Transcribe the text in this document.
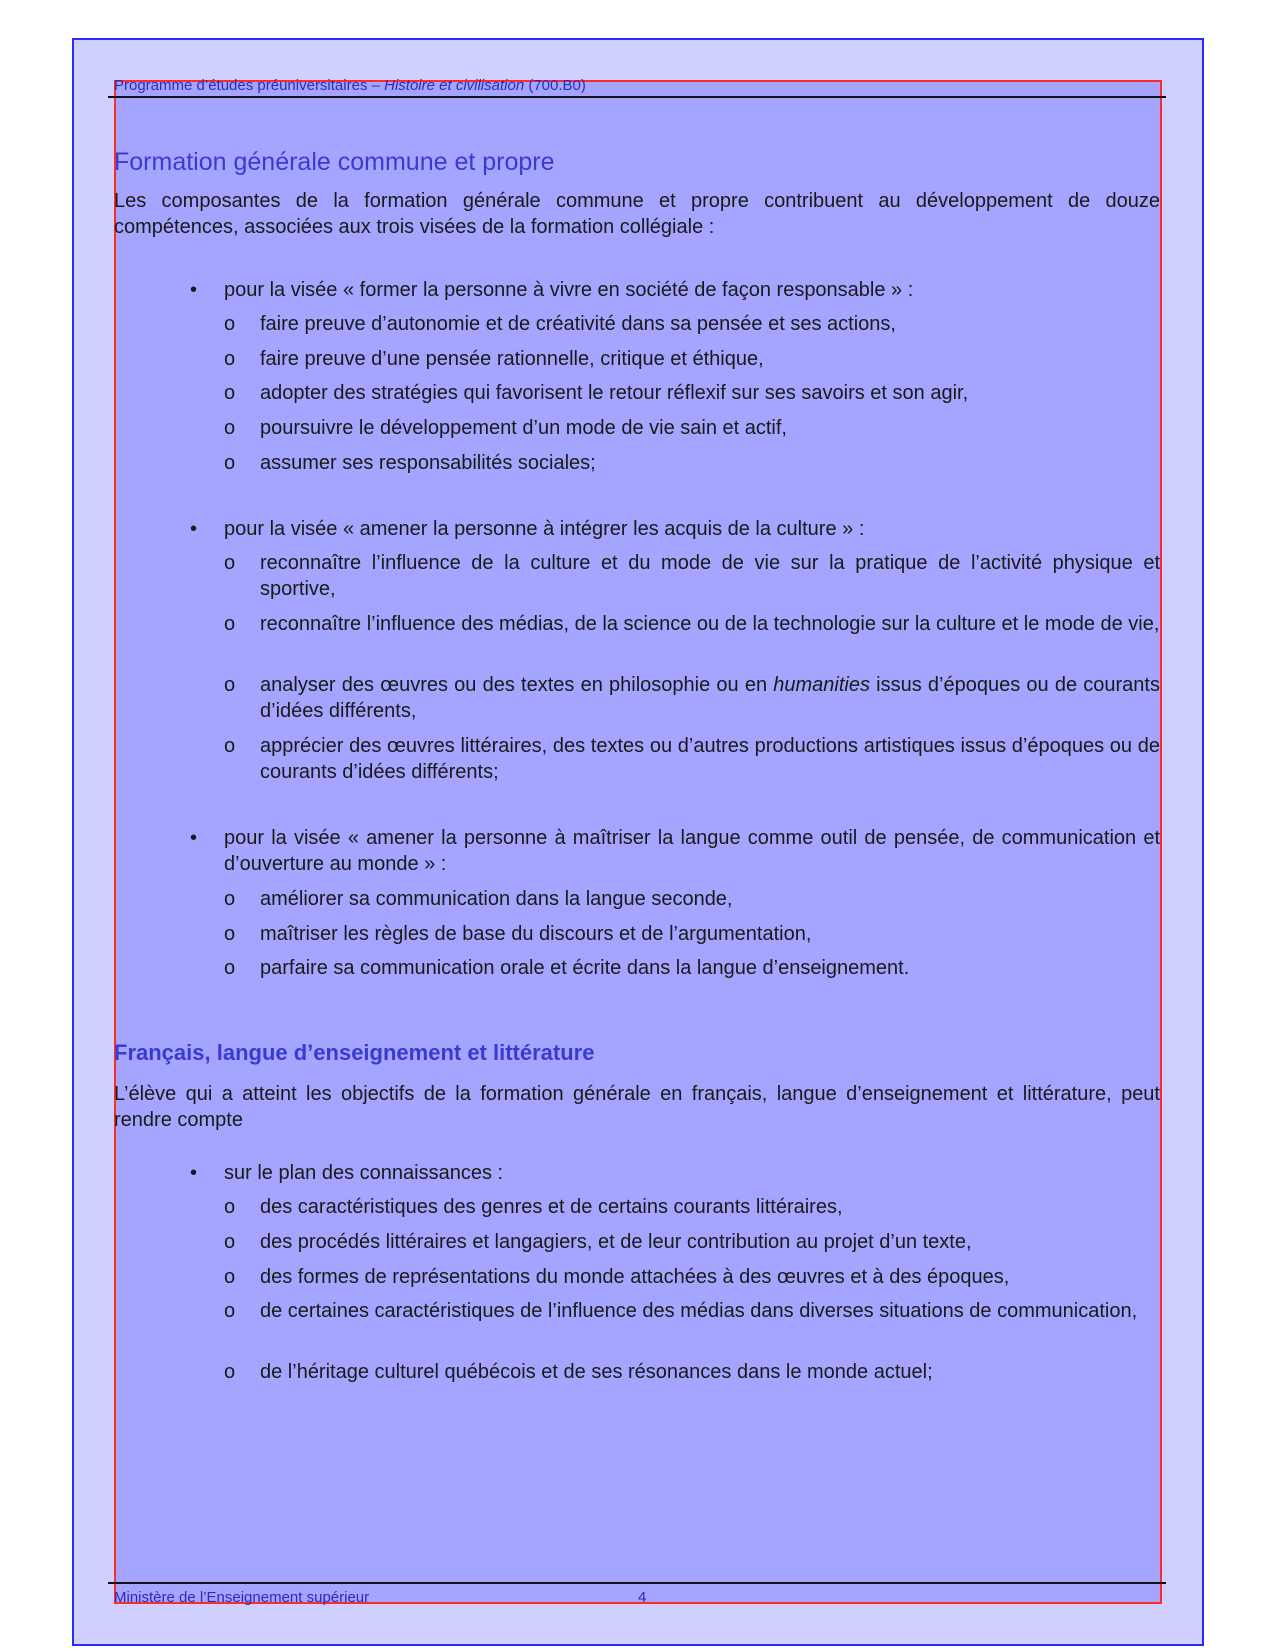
Programme d’études préuniversitaires – Histoire et civilisation (700.B0)
Formation générale commune et propre

Les composantes de la formation générale commune et propre contribuent au développement de douze compétences, associées aux trois visées de la formation collégiale :

• pour la visée « former la personne à vivre en société de façon responsable » :
o faire preuve d’autonomie et de créativité dans sa pensée et ses actions,
o faire preuve d’une pensée rationnelle, critique et éthique,
o adopter des stratégies qui favorisent le retour réflexif sur ses savoirs et son agir,
o poursuivre le développement d’un mode de vie sain et actif,
o assumer ses responsabilités sociales;
• pour la visée « amener la personne à intégrer les acquis de la culture » :
o reconnaître l’influence de la culture et du mode de vie sur la pratique de l’activité physique et sportive,
o reconnaître l’influence des médias, de la science ou de la technologie sur la culture et le mode de vie,
o analyser des œuvres ou des textes en philosophie ou en humanities issus d’époques ou de courants d’idées différents,
o apprécier des œuvres littéraires, des textes ou d’autres productions artistiques issus d’époques ou de courants d’idées différents;
• pour la visée « amener la personne à maîtriser la langue comme outil de pensée, de communication et d’ouverture au monde » :
o améliorer sa communication dans la langue seconde,
o maîtriser les règles de base du discours et de l’argumentation,
o parfaire sa communication orale et écrite dans la langue d’enseignement.
Français, langue d’enseignement et littérature

L’élève qui a atteint les objectifs de la formation générale en français, langue d’enseignement et littérature, peut rendre compte

• sur le plan des connaissances :
o des caractéristiques des genres et de certains courants littéraires,
o des procédés littéraires et langagiers, et de leur contribution au projet d’un texte,
o des formes de représentations du monde attachées à des œuvres et à des époques,
o de certaines caractéristiques de l’influence des médias dans diverses situations de communication,
o de l’héritage culturel québécois et de ses résonances dans le monde actuel;
Ministère de l’Enseignement supérieur	4
